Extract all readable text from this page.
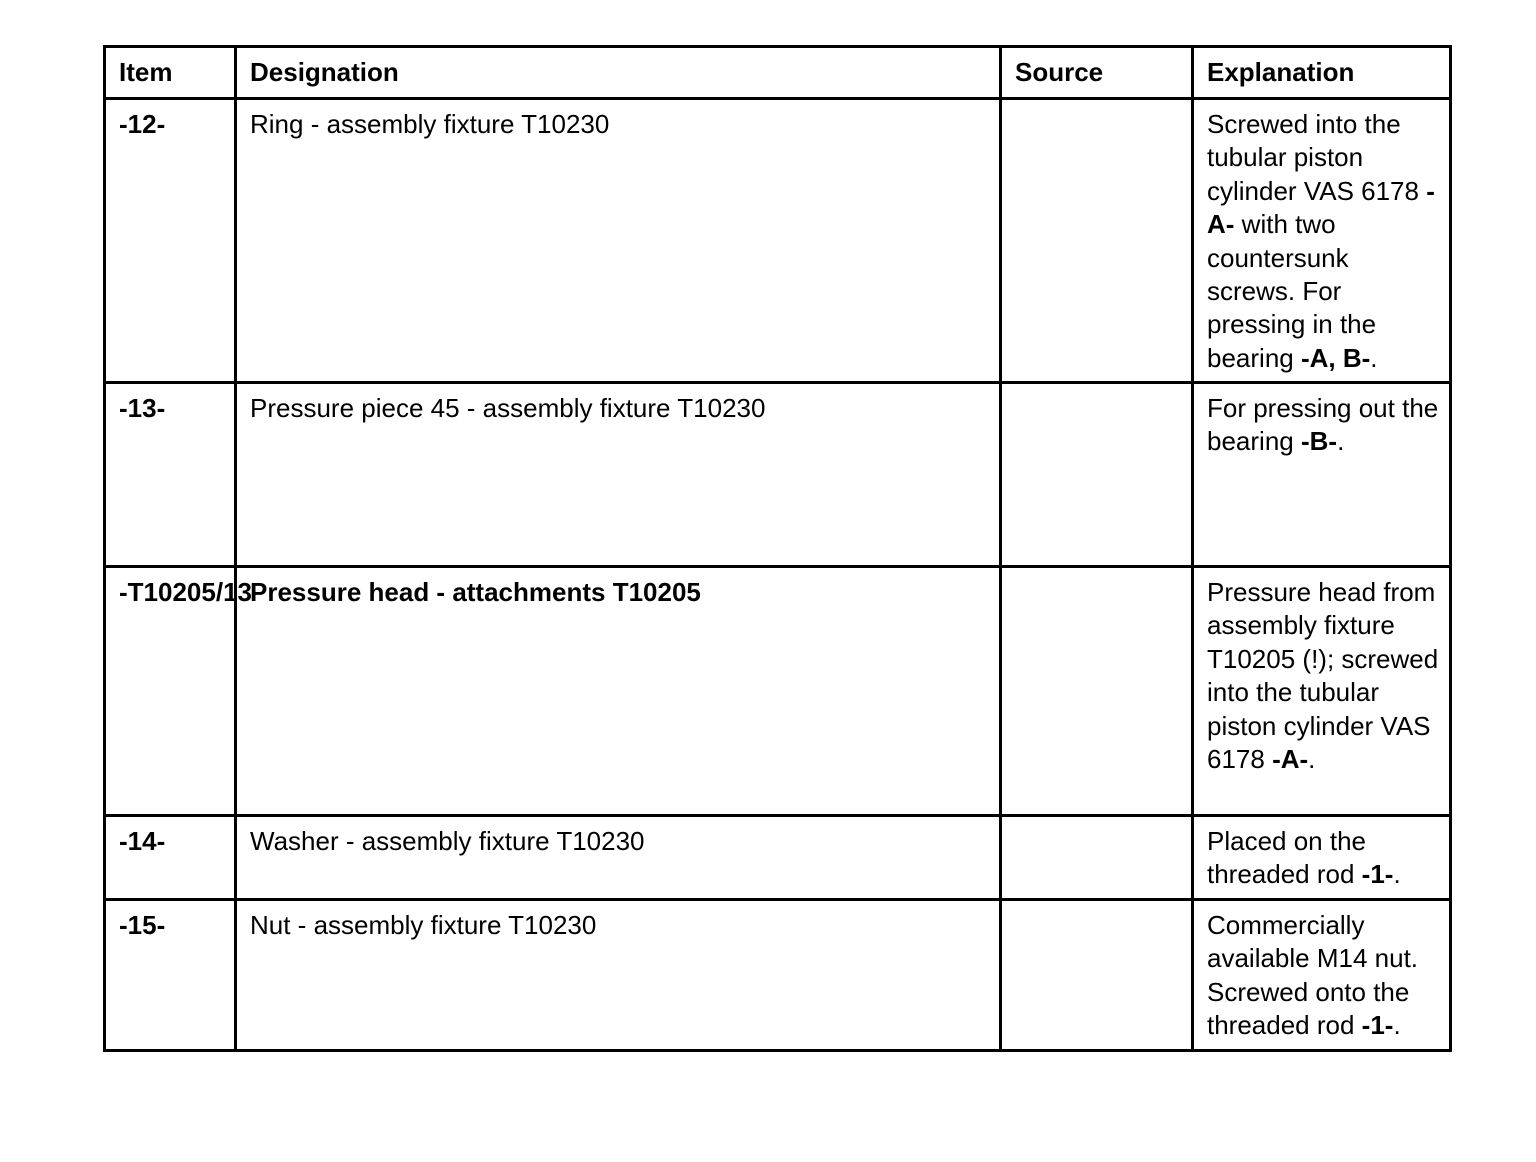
Item	Designation	Source	Explanation
-12-	Ring - assembly fixture T10230		Screwed into the tubular piston cylinder VAS 6178 -A- with two countersunk screws. For pressing in the bearing -A, B-.
-13-	Pressure piece 45 - assembly fixture T10230		For pressing out the bearing -B-.
-T10205/13	Pressure head - attachments T10205		Pressure head from assembly fixture T10205 (!); screwed into the tubular piston cylinder VAS 6178 -A-.
-14-	Washer - assembly fixture T10230		Placed on the threaded rod -1-.
-15-	Nut - assembly fixture T10230		Commercially available M14 nut. Screwed onto the threaded rod -1-.
